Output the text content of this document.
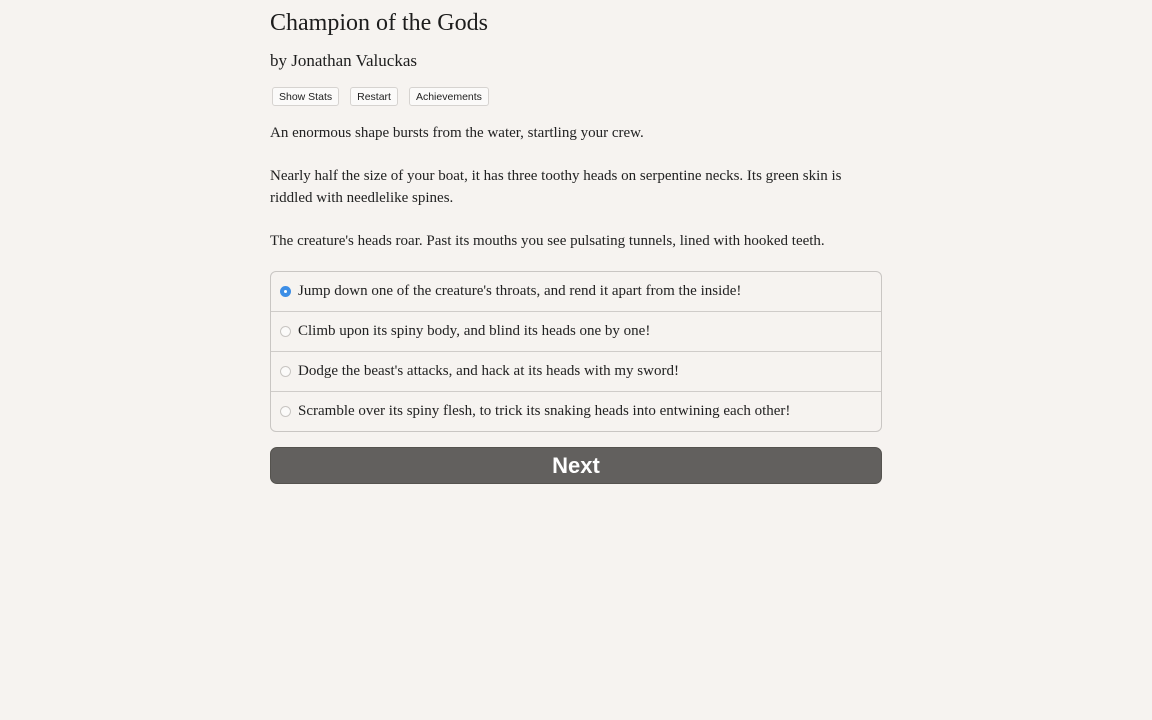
Champion of the Gods
by Jonathan Valuckas
Show Stats	Restart	Achievements

An enormous shape bursts from the water, startling your crew.

Nearly half the size of your boat, it has three toothy heads on serpentine necks. Its green skin is riddled with needlelike spines.

The creature's heads roar. Past its mouths you see pulsating tunnels, lined with hooked teeth.

Jump down one of the creature's throats, and rend it apart from the inside!
Climb upon its spiny body, and blind its heads one by one!
Dodge the beast's attacks, and hack at its heads with my sword!
Scramble over its spiny flesh, to trick its snaking heads into entwining each other!
Next
